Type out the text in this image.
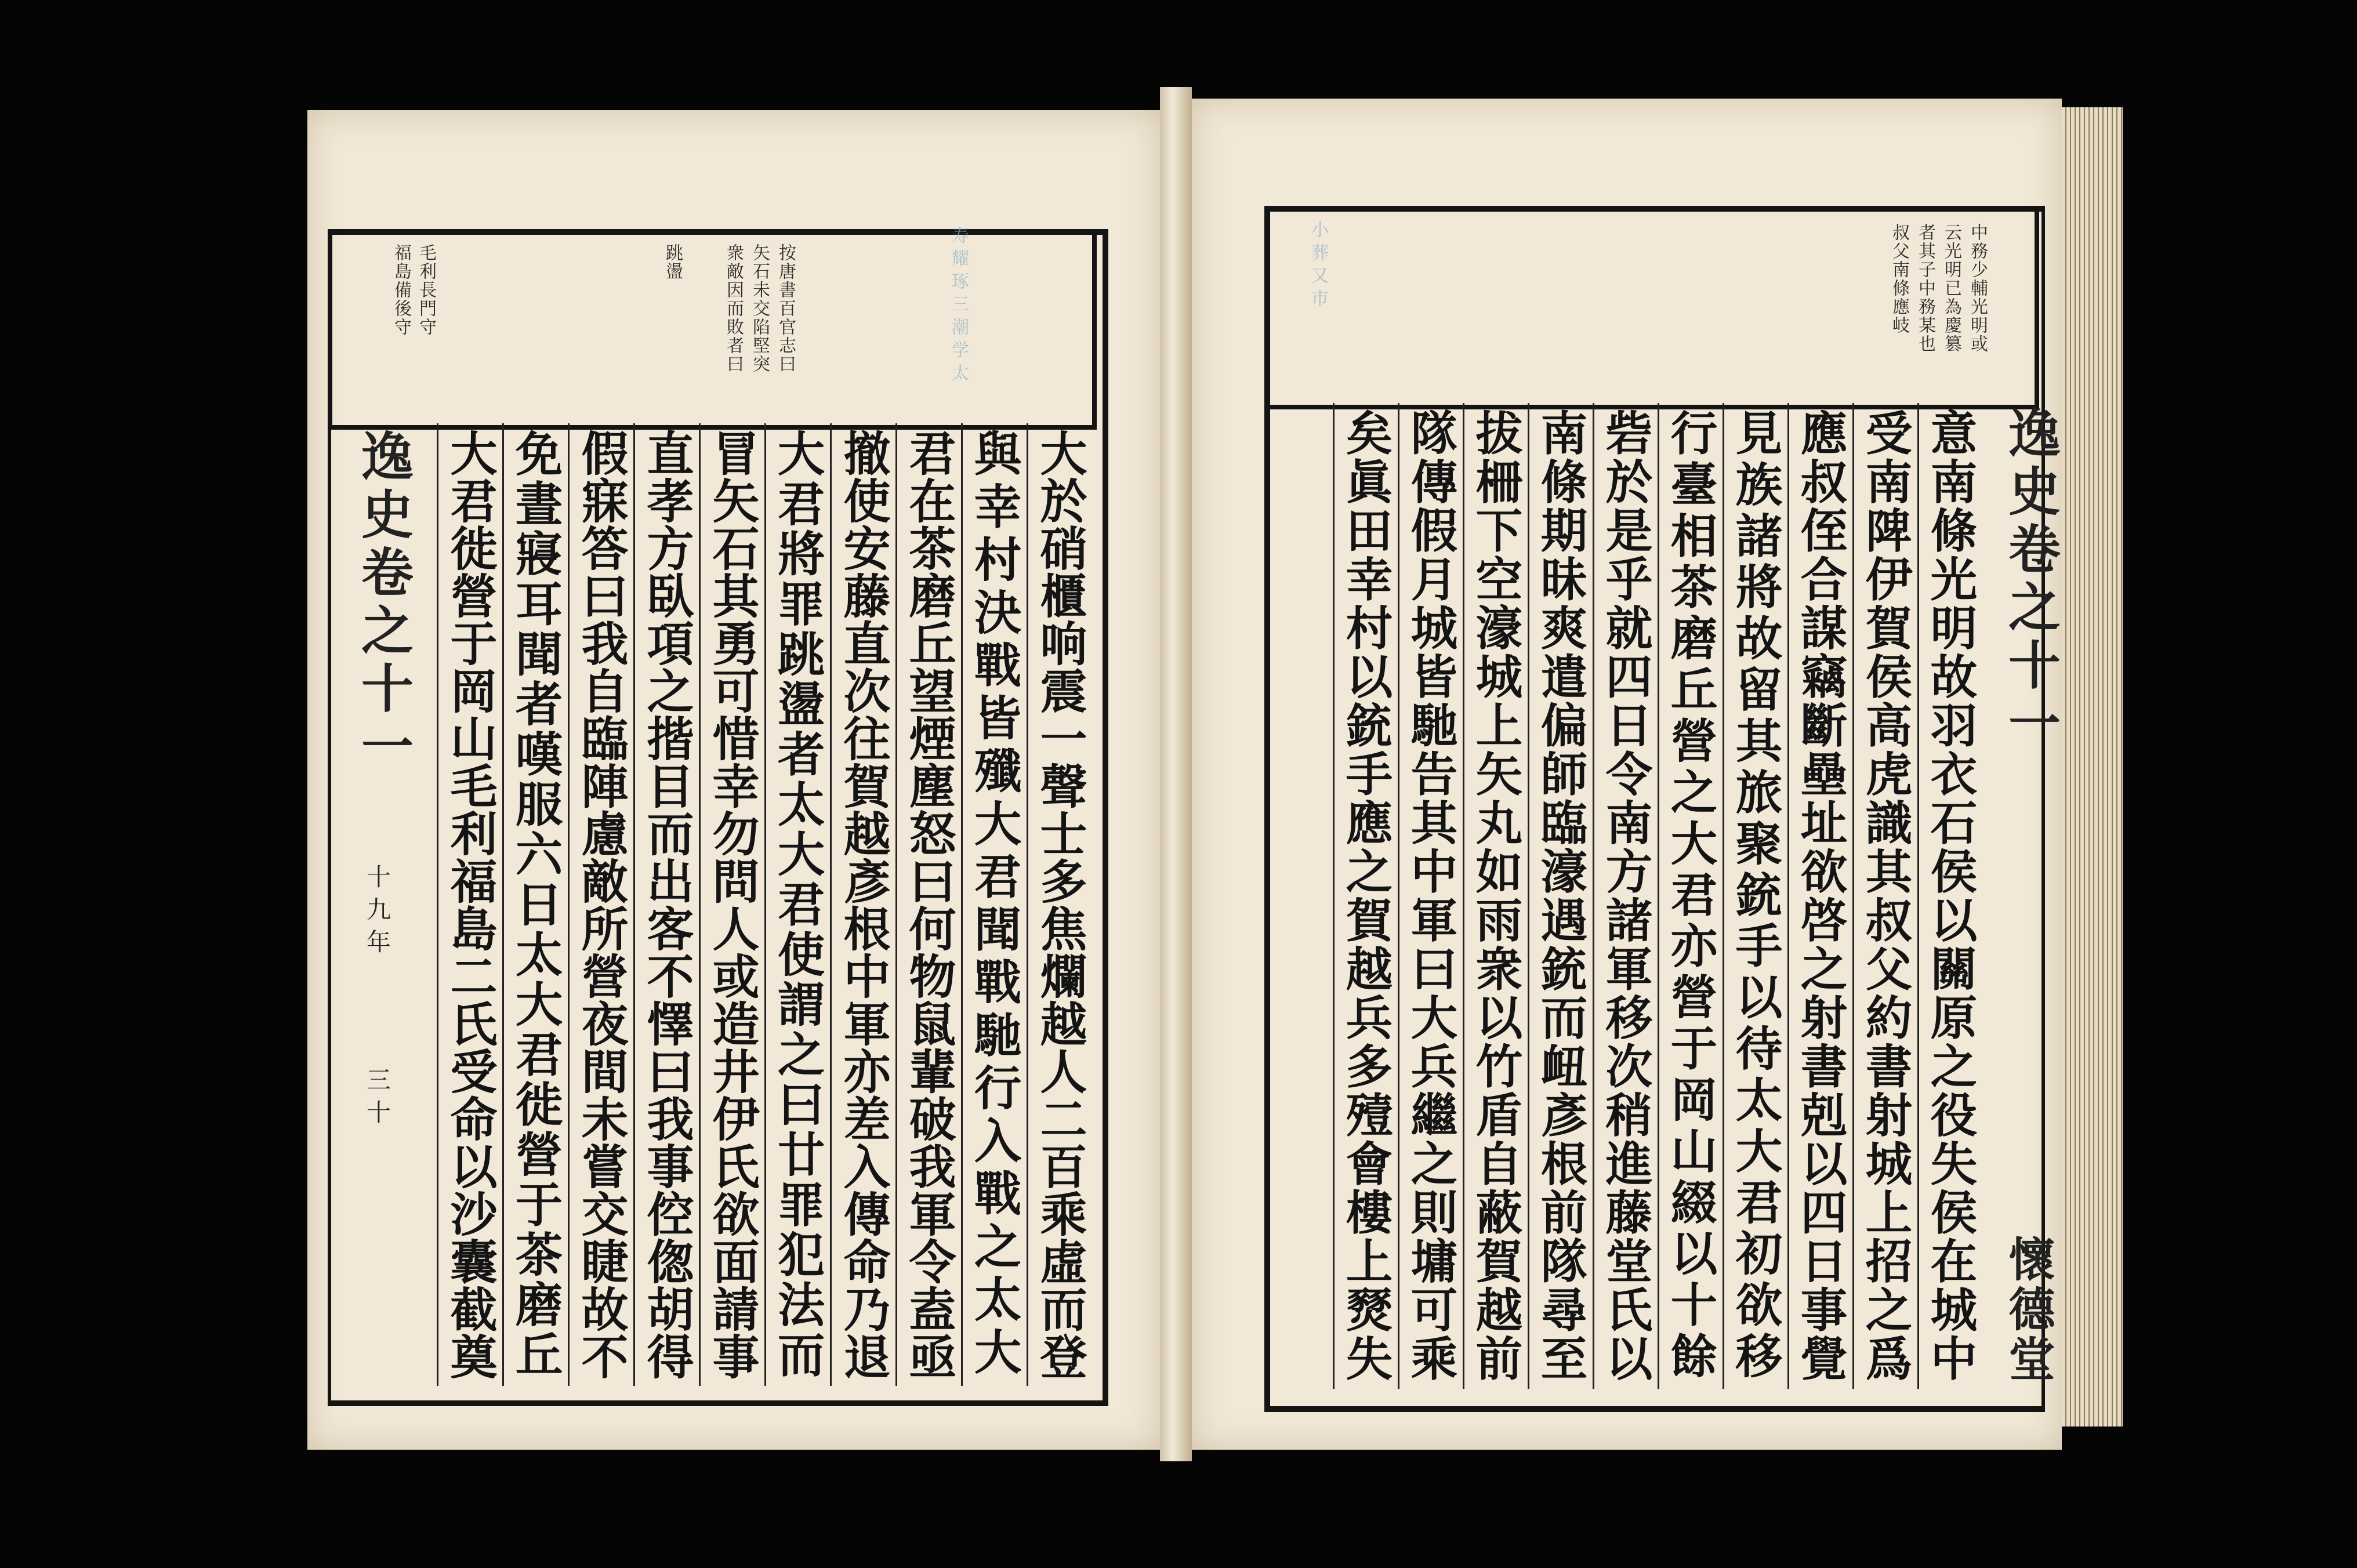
毛利長門守
福島備後守	按唐書百官志曰
矢石未交陷堅突
衆敵因而敗者曰
跳盪
逸史卷之十一
十九年
三十	大於硝櫃响震一聲士多焦爛越人二百乘虛而登
與幸村決戰皆殲大君聞戰馳行入戰之太大
君在茶磨丘望煙塵怒曰何物鼠輩破我軍令盍亟
撤使安藤直次往賀越彥根中軍亦差入傳命乃退
大君將罪跳盪者太大君使謂之曰廿罪犯法而
冒矢石其勇可惜幸勿問人或造井伊氏欲面請事
直孝方臥項之揩目而出客不懌曰我事倥偬胡得
假寐答曰我自臨陣慮敵所營夜間未嘗交睫故不
免晝寢耳聞者嘆服六日太大君徙營于茶磨丘
大君徙營于岡山毛利福島二氏受命以沙囊截奠
小 葬 又 市
寿 耀 琢 三 潮 学 太	中務少輔光明或
云光明已為慶篡
者其子中務某也
叔父南條應岐
逸史卷之十一
懷德堂
意南條光明故羽衣石侯以關原之役失侯在城中
受南陴伊賀侯高虎識其叔父約書射城上招之爲
應叔侄合謀竊斷壘址欲啓之射書剋以四日事覺
見族諸將故留其旅聚銃手以待太大君初欲移
行臺相茶磨丘營之大君亦營于岡山綴以十餘
砦於是乎就四日令南方諸軍移次稍進藤堂氏以
南條期昧爽遣偏師臨濠遇銃而衄彥根前隊尋至
拔柵下空濠城上矢丸如雨衆以竹盾自蔽賀越前
隊傳假月城皆馳告其中軍曰大兵繼之則墉可乘
矣眞田幸村以銃手應之賀越兵多殪會樓上燹失
